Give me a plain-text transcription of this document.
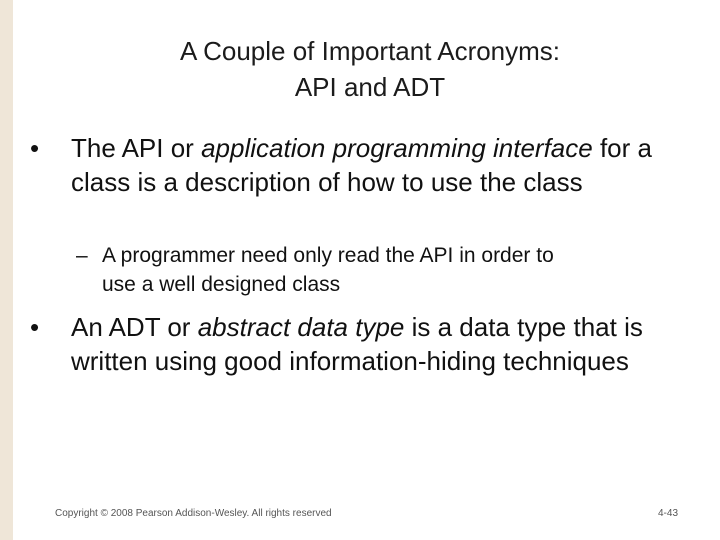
A Couple of Important Acronyms:
API and ADT
•	The API or application programming interface for a class is a description of how to use the class
– A programmer need only read the API in order to use a well designed class
•	An ADT or abstract data type is a data type that is written using good information-hiding techniques
Copyright © 2008 Pearson Addison-Wesley. All rights reserved	4-43
